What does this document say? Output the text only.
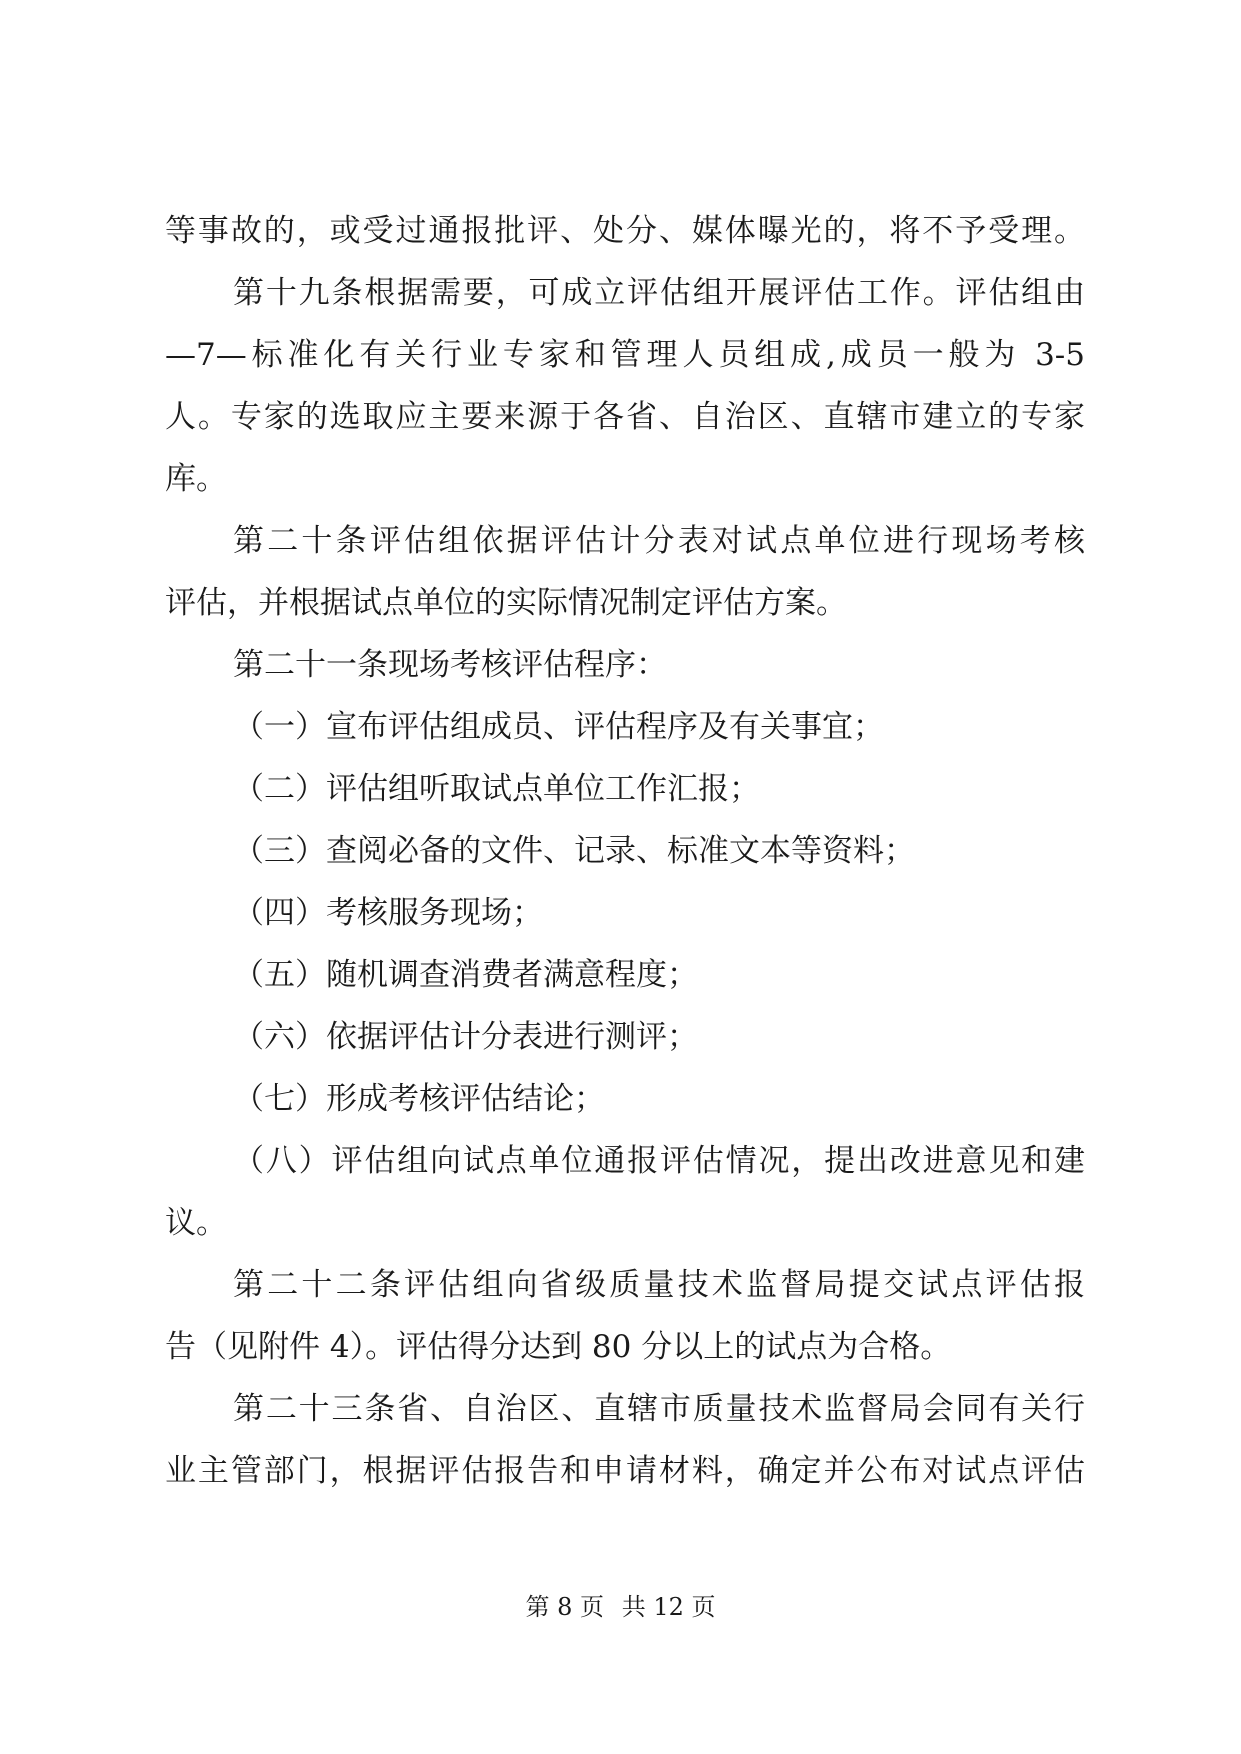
等事故的，或受过通报批评、处分、媒体曝光的，将不予受理。
第十九条根据需要，可成立评估组开展评估工作。评估组由
—7—标准化有关行业专家和管理人员组成,成员一般为 3-5
人。专家的选取应主要来源于各省、自治区、直辖市建立的专家
库。
第二十条评估组依据评估计分表对试点单位进行现场考核
评估，并根据试点单位的实际情况制定评估方案。
第二十一条现场考核评估程序：
（一）宣布评估组成员、评估程序及有关事宜；
（二）评估组听取试点单位工作汇报；
（三）查阅必备的文件、记录、标准文本等资料；
（四）考核服务现场；
（五）随机调查消费者满意程度；
（六）依据评估计分表进行测评；
（七）形成考核评估结论；
（八）评估组向试点单位通报评估情况，提出改进意见和建
议。
第二十二条评估组向省级质量技术监督局提交试点评估报
告（见附件 4）。评估得分达到 80 分以上的试点为合格。
第二十三条省、自治区、直辖市质量技术监督局会同有关行
业主管部门，根据评估报告和申请材料，确定并公布对试点评估
第 8 页 共 12 页
